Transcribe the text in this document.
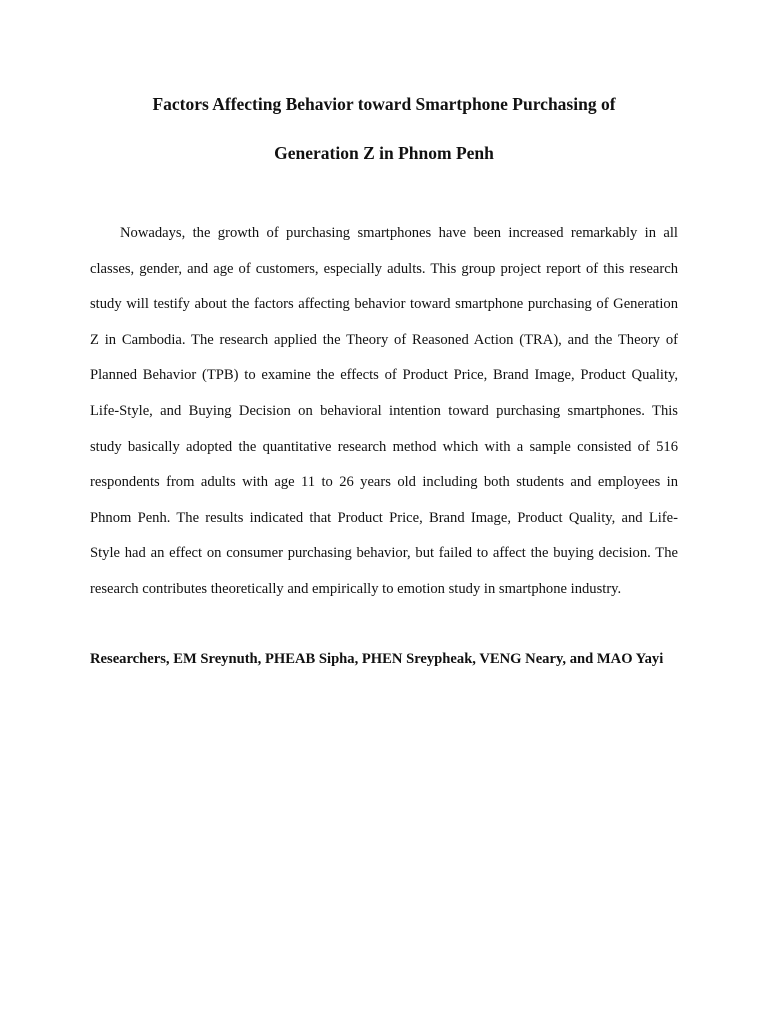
Factors Affecting Behavior toward Smartphone Purchasing of
Generation Z in Phnom Penh
Nowadays, the growth of purchasing smartphones have been increased remarkably in all
classes, gender, and age of customers, especially adults. This group project report of this research
study will testify about the factors affecting behavior toward smartphone purchasing of Generation
Z in Cambodia. The research applied the Theory of Reasoned Action (TRA), and the Theory of
Planned Behavior (TPB) to examine the effects of Product Price, Brand Image, Product Quality,
Life-Style, and Buying Decision on behavioral intention toward purchasing smartphones. This
study basically adopted the quantitative research method which with a sample consisted of 516
respondents from adults with age 11 to 26 years old including both students and employees in
Phnom Penh. The results indicated that Product Price, Brand Image, Product Quality, and Life-
Style had an effect on consumer purchasing behavior, but failed to affect the buying decision. The
research contributes theoretically and empirically to emotion study in smartphone industry.

Researchers, EM Sreynuth, PHEAB Sipha, PHEN Sreypheak, VENG Neary, and MAO Yayi
